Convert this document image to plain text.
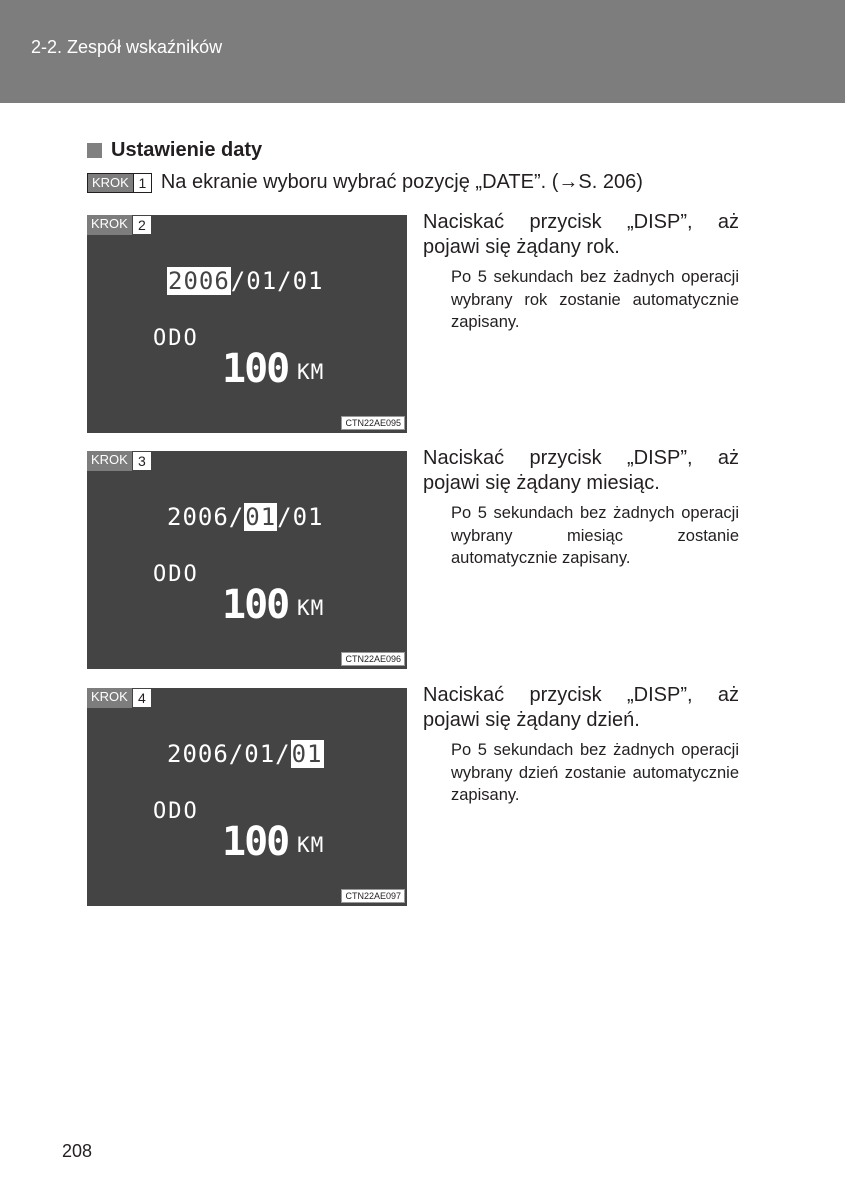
2-2. Zespół wskaźników
Ustawienie daty
KROK 1 Na ekranie wyboru wybrać pozycję „DATE”. (→S. 206)
KROK 2
2006/01/01
ODO
100 KM
CTN22AE095
Naciskać przycisk „DISP”, aż pojawi się żądany rok.
Po 5 sekundach bez żadnych operacji wybrany rok zostanie automatycznie zapisany.
KROK 3
2006/01/01
ODO
100 KM
CTN22AE096
Naciskać przycisk „DISP”, aż pojawi się żądany miesiąc.
Po 5 sekundach bez żadnych operacji wybrany miesiąc zostanie automatycznie zapisany.
KROK 4
2006/01/01
ODO
100 KM
CTN22AE097
Naciskać przycisk „DISP”, aż pojawi się żądany dzień.
Po 5 sekundach bez żadnych operacji wybrany dzień zostanie automatycznie zapisany.
208
